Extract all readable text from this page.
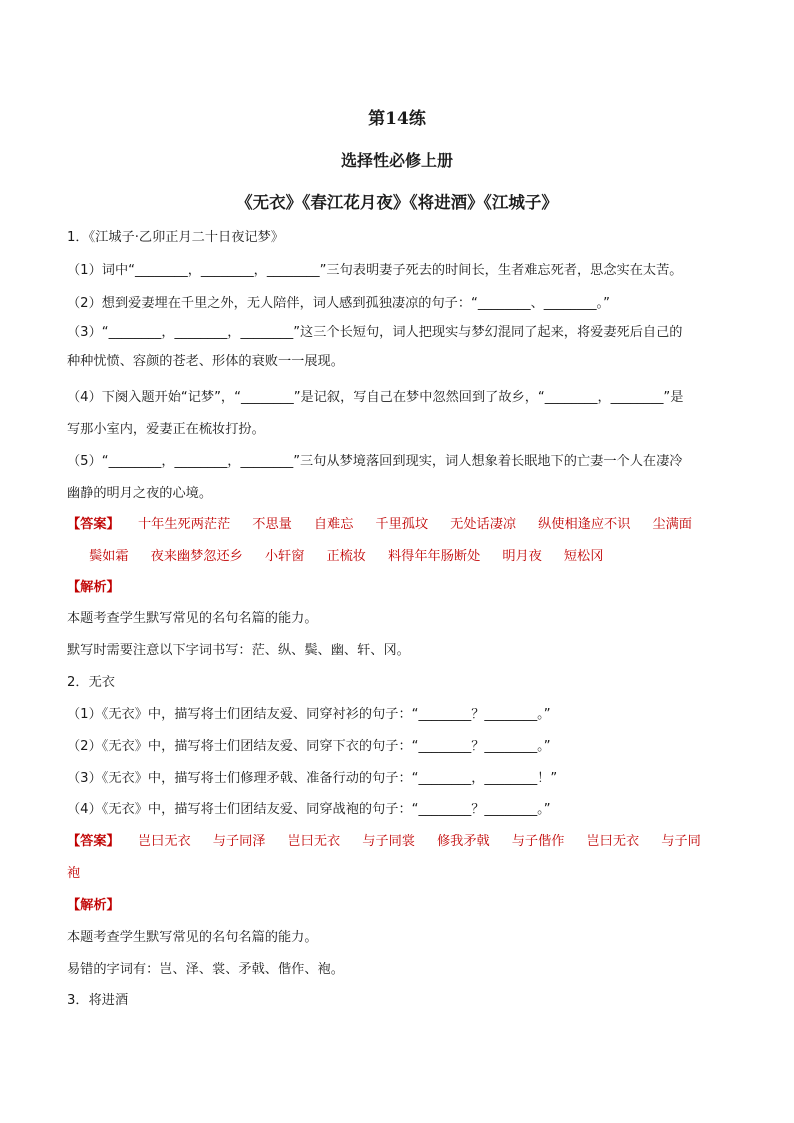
第14练
选择性必修上册
《无衣》《春江花月夜》《将进酒》《江城子》
1．《江城子·乙卯正月二十日夜记梦》
（1）词中“________，________，________”三句表明妻子死去的时间长，生者难忘死者，思念实在太苦。
（2）想到爱妻埋在千里之外，无人陪伴，词人感到孤独凄凉的句子：“________、________。”
（3）“________，________，________”这三个长短句，词人把现实与梦幻混同了起来，将爱妻死后自己的
种种忧愤、容颜的苍老、形体的衰败一一展现。
（4）下阕入题开始“记梦”，“________”是记叙，写自己在梦中忽然回到了故乡，“________，________”是
写那小室内，爱妻正在梳妆打扮。
（5）“________，________，________”三句从梦境落回到现实，词人想象着长眠地下的亡妻一个人在凄冷
幽静的明月之夜的心境。
【答案】 十年生死两茫茫 不思量 自难忘 千里孤坟 无处话凄凉 纵使相逢应不识 尘满面
鬓如霜 夜来幽梦忽还乡 小轩窗 正梳妆 料得年年肠断处 明月夜 短松冈
【解析】
本题考查学生默写常见的名句名篇的能力。
默写时需要注意以下字词书写：茫、纵、鬓、幽、轩、冈。
2．无衣
（1）《无衣》中，描写将士们团结友爱、同穿衬衫的句子：“________？________。”
（2）《无衣》中，描写将士们团结友爱、同穿下衣的句子：“________？________。”
（3）《无衣》中，描写将士们修理矛戟、准备行动的句子：“________，________！”
（4）《无衣》中，描写将士们团结友爱、同穿战袍的句子：“________？________。”
【答案】 岂曰无衣 与子同泽 岂曰无衣 与子同裳 修我矛戟 与子偕作 岂曰无衣 与子同
袍
【解析】
本题考查学生默写常见的名句名篇的能力。
易错的字词有：岂、泽、裳、矛戟、偕作、袍。
3．将进酒
